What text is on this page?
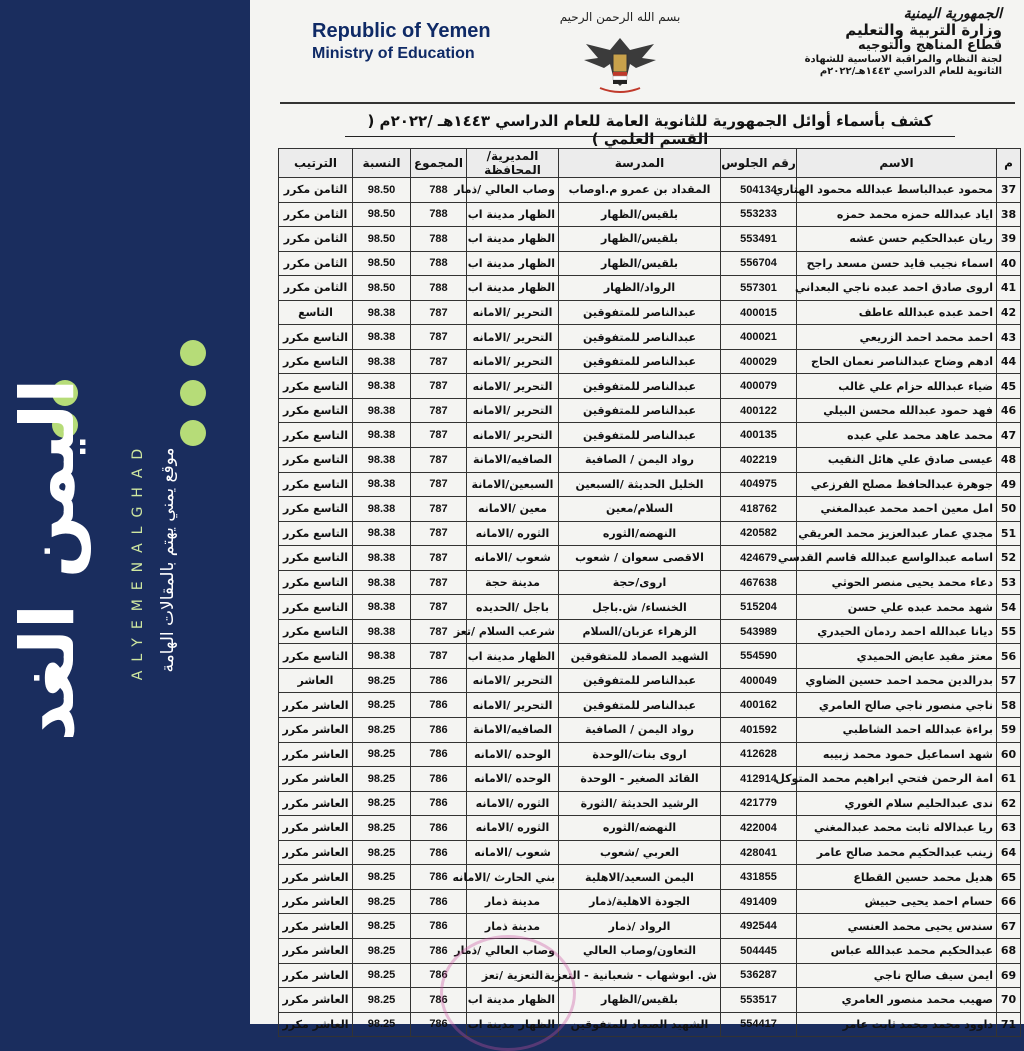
اليمن الغد	ALYEMENALGHAD موقع يمني يهتم بالمقالات الهامة
Republic of Yemen
Ministry of Education
بسم الله الرحمن الرحيم	الجمهورية اليمنية
وزارة التربية والتعليم
قطاع المناهج والتوجيه
لجنة النظام والمراقبة الاساسية للشهادة
الثانوية للعام الدراسي ١٤٤٣هـ/٢٠٢٢م
كشف بأسماء أوائل الجمهورية للثانوية العامة للعام الدراسي ١٤٤٣هـ /٢٠٢٢م ( القسم العلمي )
م	الاسم	رقم الجلوس	المدرسة	المديرية/ المحافظة	المجموع	النسبة	الترتيب
37	محمود عبدالباسط عبدالله محمود الهتاري	504134	المقداد بن عمرو م.اوصاب	وصاب العالي /ذمار	788	98.50	الثامن مكرر
38	اياد عبدالله حمزه محمد حمزه	553233	بلقيس/الظهار	الظهار مدينة اب	788	98.50	الثامن مكرر
39	ريان عبدالحكيم حسن عشه	553491	بلقيس/الظهار	الظهار مدينة اب	788	98.50	الثامن مكرر
40	اسماء نجيب قايد حسن مسعد راجح	556704	بلقيس/الظهار	الظهار مدينة اب	788	98.50	الثامن مكرر
41	اروى صادق احمد عبده ناجي البعداني	557301	الرواد/الظهار	الظهار مدينة اب	788	98.50	الثامن مكرر
42	احمد عبده عبدالله عاطف	400015	عبدالناصر للمتفوقين	التحرير /الامانه	787	98.38	التاسع
43	احمد محمد احمد الزريعي	400021	عبدالناصر للمتفوقين	التحرير /الامانه	787	98.38	التاسع مكرر
44	ادهم وضاح عبدالناصر نعمان الحاج	400029	عبدالناصر للمتفوقين	التحرير /الامانه	787	98.38	التاسع مكرر
45	ضياء عبدالله حزام علي غالب	400079	عبدالناصر للمتفوقين	التحرير /الامانه	787	98.38	التاسع مكرر
46	فهد حمود عبدالله محسن البيلي	400122	عبدالناصر للمتفوقين	التحرير /الامانه	787	98.38	التاسع مكرر
47	محمد عاهد محمد علي عبده	400135	عبدالناصر للمتفوقين	التحرير /الامانه	787	98.38	التاسع مكرر
48	عيسى صادق علي هائل النقيب	402219	رواد اليمن / الصافية	الصافيه/الامانة	787	98.38	التاسع مكرر
49	جوهرة عبدالحافظ مصلح الفرزعي	404975	الخليل الحديثة /السبعين	السبعين/الامانة	787	98.38	التاسع مكرر
50	امل معين احمد محمد عبدالمغني	418762	السلام/معين	معين /الامانه	787	98.38	التاسع مكرر
51	مجدي عمار عبدالعزيز محمد العريقي	420582	النهضه/الثوره	الثوره /الامانه	787	98.38	التاسع مكرر
52	اسامه عبدالواسع عبدالله قاسم القدسي	424679	الاقصى سعوان / شعوب	شعوب /الامانه	787	98.38	التاسع مكرر
53	دعاء محمد يحيى منصر الحوثي	467638	اروى/حجة	مدينة حجة	787	98.38	التاسع مكرر
54	شهد محمد عبده علي حسن	515204	الخنساء/ ش.باجل	باجل /الحديده	787	98.38	التاسع مكرر
55	ديانا عبدالله احمد ردمان الحيدري	543989	الزهراء عزبان/السلام	شرعب السلام /تعز	787	98.38	التاسع مكرر
56	معتز مفيد عايض الحميدي	554590	الشهيد الصماد للمتفوقين	الظهار مدينة اب	787	98.38	التاسع مكرر
57	بدرالدين محمد احمد حسين الضاوي	400049	عبدالناصر للمتفوقين	التحرير /الامانه	786	98.25	العاشر
58	ناجي منصور ناجي صالح العامري	400162	عبدالناصر للمتفوقين	التحرير /الامانه	786	98.25	العاشر مكرر
59	براءة عبدالله احمد الشاطبي	401592	رواد اليمن / الصافية	الصافيه/الامانة	786	98.25	العاشر مكرر
60	شهد اسماعيل حمود محمد زبيبه	412628	اروى بنات/الوحدة	الوحده /الامانه	786	98.25	العاشر مكرر
61	امة الرحمن فتحي ابراهيم محمد المتوكل	412914	القائد الصغير - الوحدة	الوحده /الامانه	786	98.25	العاشر مكرر
62	ندى عبدالحليم سلام الغوري	421779	الرشيد الحديثة /الثورة	الثوره /الامانه	786	98.25	العاشر مكرر
63	ريا عبدالاله ثابت محمد عبدالمغني	422004	النهضه/الثوره	الثوره /الامانه	786	98.25	العاشر مكرر
64	زينب عبدالحكيم محمد صالح عامر	428041	العربي /شعوب	شعوب /الامانه	786	98.25	العاشر مكرر
65	هديل محمد حسين القطاع	431855	اليمن السعيد/الاهلية	بني الحارث /الامانه	786	98.25	العاشر مكرر
66	حسام احمد يحيى حبيش	491409	الجودة الاهلية/ذمار	مدينة ذمار	786	98.25	العاشر مكرر
67	سندس يحيى محمد العنسي	492544	الرواد /ذمار	مدينة ذمار	786	98.25	العاشر مكرر
68	عبدالحكيم محمد عبدالله عباس	504445	التعاون/وصاب العالي	وصاب العالي /ذمار	786	98.25	العاشر مكرر
69	ايمن سيف صالح ناجي	536287	ش. ابوشهاب - شعبانية - التعزية	التعزية /تعز	786	98.25	العاشر مكرر
70	صهيب محمد منصور العامري	553517	بلقيس/الظهار	الظهار مدينة اب	786	98.25	العاشر مكرر
71	داوود محمد محمد ثابت عامر	554417	الشهيد الصماد للمتفوقين	الظهار مدينة اب	786	98.25	العاشر مكرر
